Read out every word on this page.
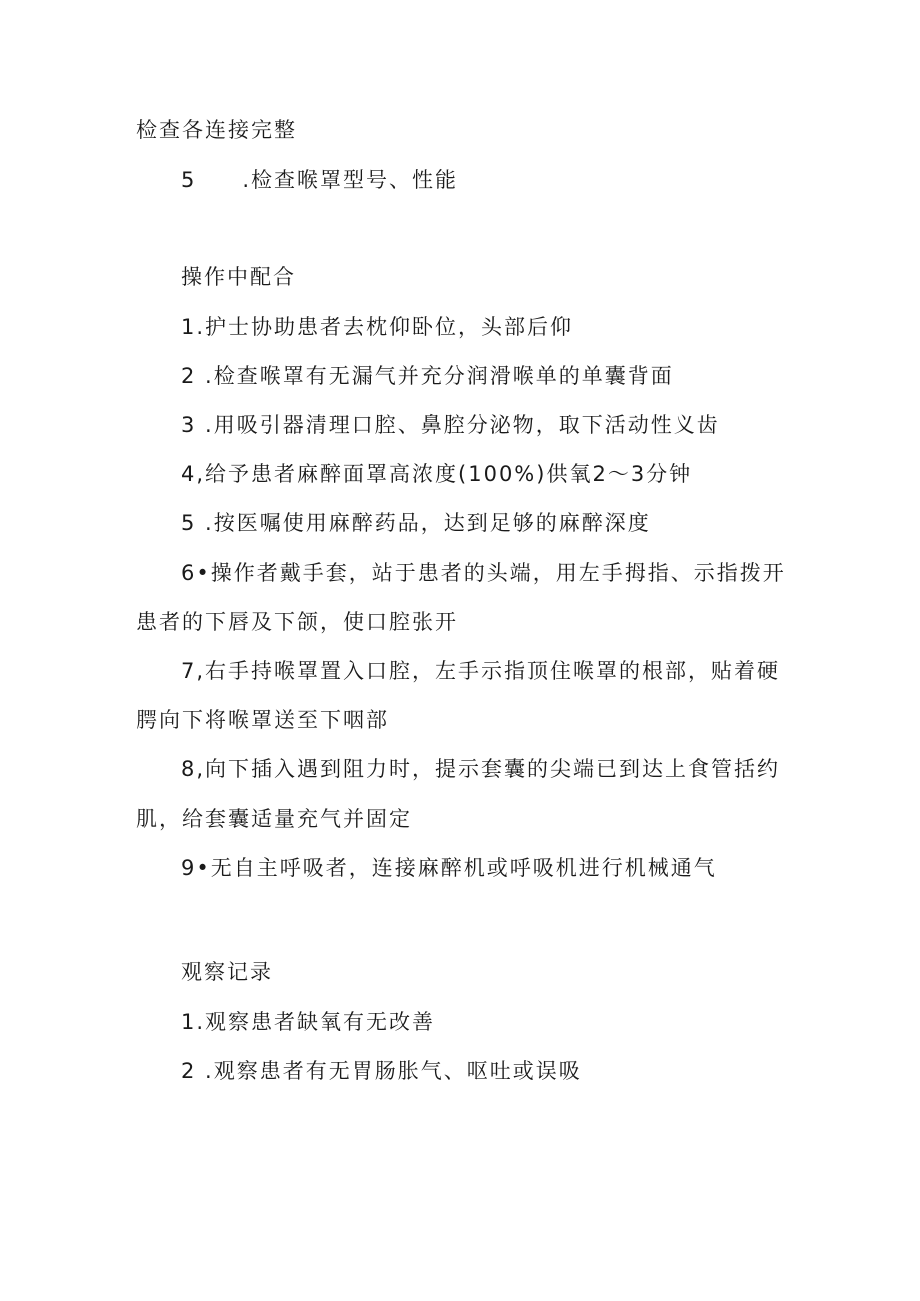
检查各连接完整
5 .检查喉罩型号、性能
操作中配合
1.护士协助患者去枕仰卧位，头部后仰
2 .检查喉罩有无漏气并充分润滑喉单的单囊背面
3 .用吸引器清理口腔、鼻腔分泌物，取下活动性义齿
4,给予患者麻醉面罩高浓度(100%)供氧2～3分钟
5 .按医嘱使用麻醉药品，达到足够的麻醉深度
6•操作者戴手套，站于患者的头端，用左手拇指、示指拨开
患者的下唇及下颌，使口腔张开
7,右手持喉罩置入口腔，左手示指顶住喉罩的根部，贴着硬
腭向下将喉罩送至下咽部
8,向下插入遇到阻力时，提示套囊的尖端已到达上食管括约
肌，给套囊适量充气并固定
9•无自主呼吸者，连接麻醉机或呼吸机进行机械通气
观察记录
1.观察患者缺氧有无改善
2 .观察患者有无胃肠胀气、呕吐或误吸
